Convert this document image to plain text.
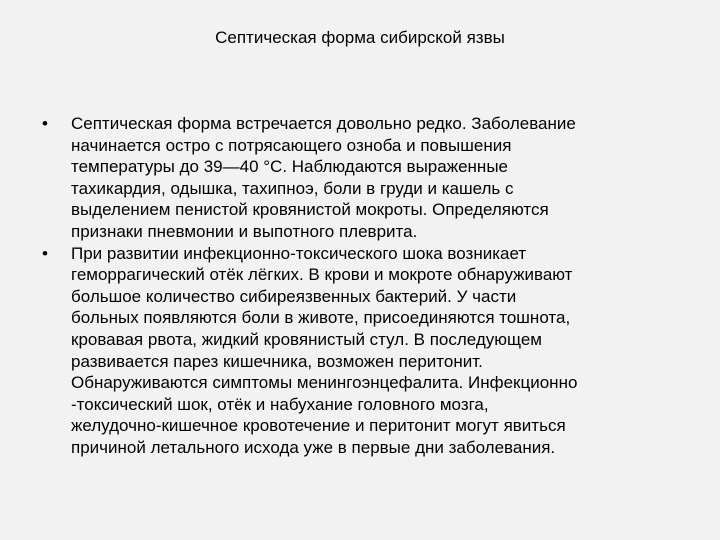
Септическая форма сибирской язвы
• Септическая форма встречается довольно редко. Заболевание
начинается остро с потрясающего озноба и повышения
температуры до 39—40 °С. Наблюдаются выраженные
тахикардия, одышка, тахипноэ, боли в груди и кашель с
выделением пенистой кровянистой мокроты. Определяются
признаки пневмонии и выпотного плеврита.
• При развитии инфекционно-токсического шока возникает
геморрагический отёк лёгких. В крови и мокроте обнаруживают
большое количество сибиреязвенных бактерий. У части
больных появляются боли в животе, присоединяются тошнота,
кровавая рвота, жидкий кровянистый стул. В последующем
развивается парез кишечника, возможен перитонит.
Обнаруживаются симптомы менингоэнцефалита. Инфекционно
-токсический шок, отёк и набухание головного мозга,
желудочно-кишечное кровотечение и перитонит могут явиться
причиной летального исхода уже в первые дни заболевания.
